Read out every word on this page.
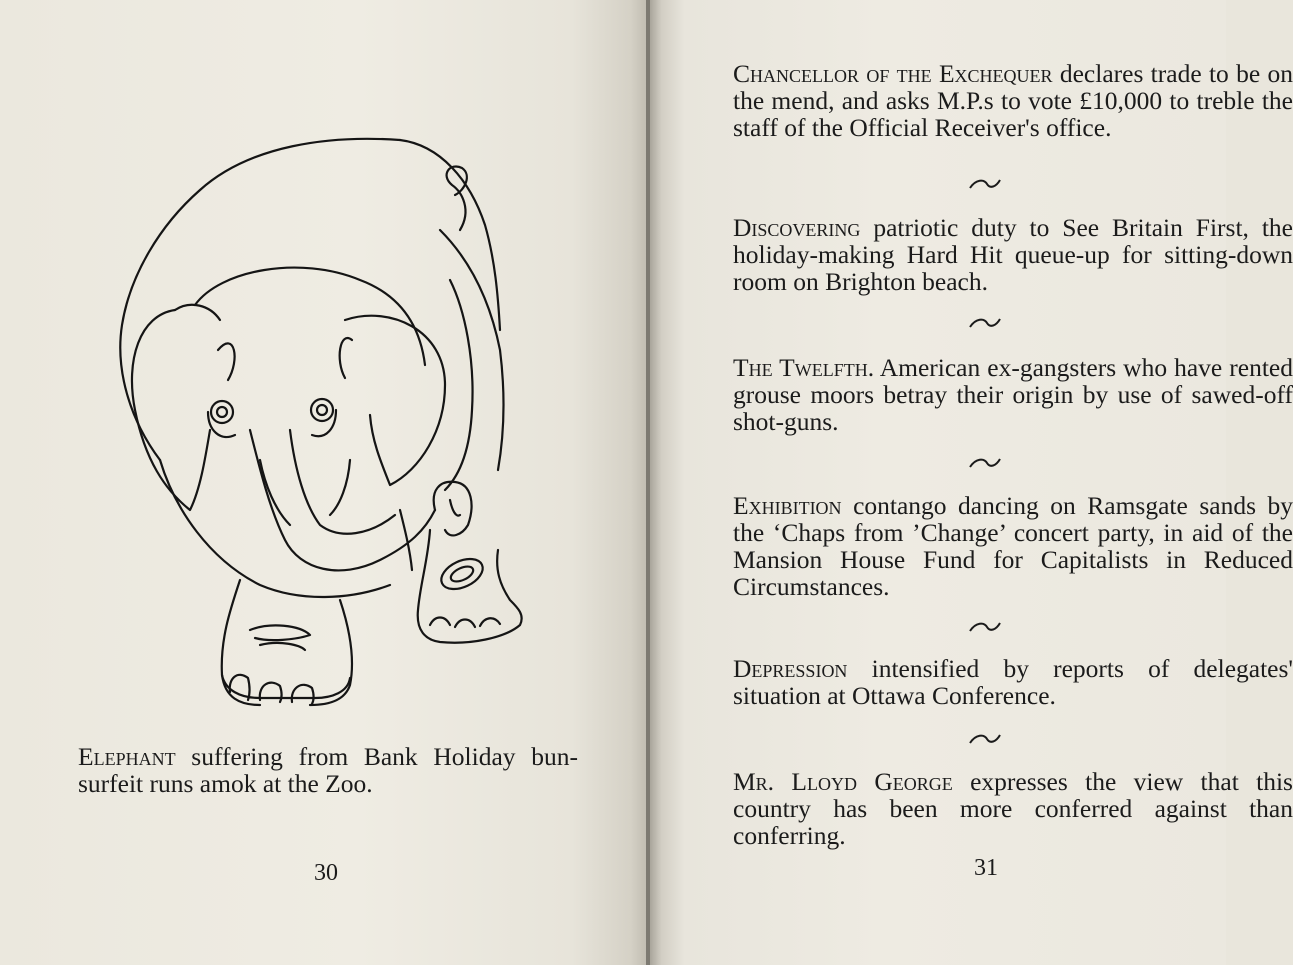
Elephant suffering from Bank Holiday bun-surfeit runs amok at the Zoo.

30

Chancellor of the Exchequer declares trade to be on the mend, and asks M.P.s to vote £10,000 to treble the staff of the Official Receiver's office.

Discovering patriotic duty to See Britain First, the holiday-making Hard Hit queue-up for sitting-down room on Brighton beach.

The Twelfth. American ex-gangsters who have rented grouse moors betray their origin by use of sawed-off shot-guns.

Exhibition contango dancing on Ramsgate sands by the ‘Chaps from ’Change’ concert party, in aid of the Mansion House Fund for Capitalists in Reduced Circumstances.

Depression intensified by reports of delegates' situation at Ottawa Conference.

Mr. Lloyd George expresses the view that this country has been more conferred against than conferring.

31
